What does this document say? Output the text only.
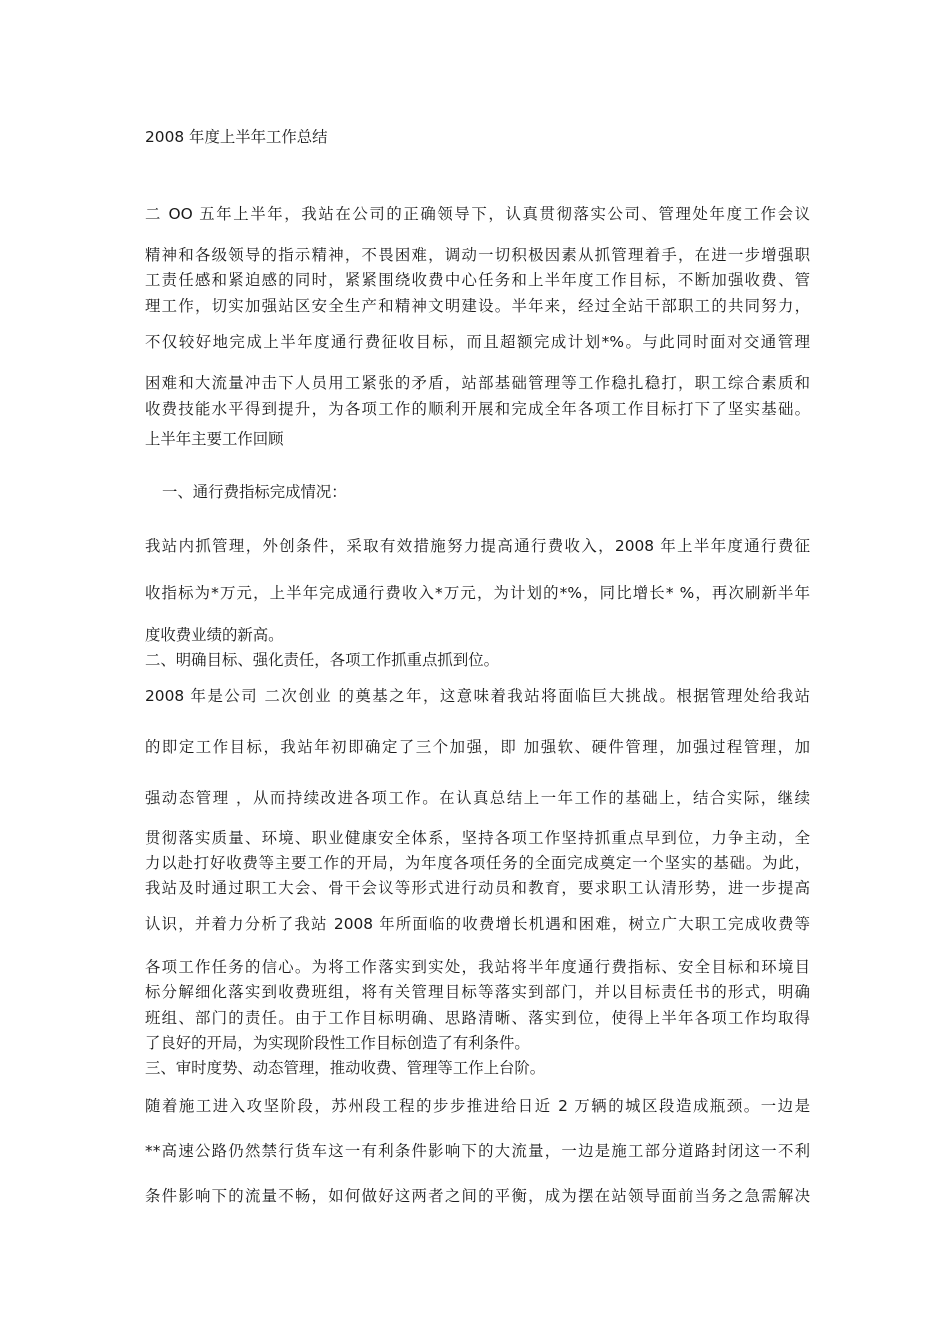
2008 年度上半年工作总结
二 OO 五年上半年，我站在公司的正确领导下，认真贯彻落实公司、管理处年度工作会议
精神和各级领导的指示精神，不畏困难，调动一切积极因素从抓管理着手，在进一步增强职
工责任感和紧迫感的同时，紧紧围绕收费中心任务和上半年度工作目标，不断加强收费、管
理工作，切实加强站区安全生产和精神文明建设。半年来，经过全站干部职工的共同努力，
不仅较好地完成上半年度通行费征收目标，而且超额完成计划*%。与此同时面对交通管理
困难和大流量冲击下人员用工紧张的矛盾，站部基础管理等工作稳扎稳打，职工综合素质和
收费技能水平得到提升，为各项工作的顺利开展和完成全年各项工作目标打下了坚实基础。
上半年主要工作回顾
一、通行费指标完成情况：
我站内抓管理，外创条件，采取有效措施努力提高通行费收入，2008 年上半年度通行费征
收指标为*万元，上半年完成通行费收入*万元，为计划的*%，同比增长* %，再次刷新半年
度收费业绩的新高。
二、明确目标、强化责任，各项工作抓重点抓到位。
2008 年是公司 二次创业 的奠基之年，这意味着我站将面临巨大挑战。根据管理处给我站
的即定工作目标，我站年初即确定了三个加强，即 加强软、硬件管理，加强过程管理，加
强动态管理 ，从而持续改进各项工作。在认真总结上一年工作的基础上，结合实际，继续
贯彻落实质量、环境、职业健康安全体系，坚持各项工作坚持抓重点早到位，力争主动，全
力以赴打好收费等主要工作的开局，为年度各项任务的全面完成奠定一个坚实的基础。为此，
我站及时通过职工大会、骨干会议等形式进行动员和教育，要求职工认清形势，进一步提高
认识，并着力分析了我站 2008 年所面临的收费增长机遇和困难，树立广大职工完成收费等
各项工作任务的信心。为将工作落实到实处，我站将半年度通行费指标、安全目标和环境目
标分解细化落实到收费班组，将有关管理目标等落实到部门，并以目标责任书的形式，明确
班组、部门的责任。由于工作目标明确、思路清晰、落实到位，使得上半年各项工作均取得
了良好的开局，为实现阶段性工作目标创造了有利条件。
三、审时度势、动态管理，推动收费、管理等工作上台阶。
随着施工进入攻坚阶段，苏州段工程的步步推进给日近 2 万辆的城区段造成瓶颈。一边是
**高速公路仍然禁行货车这一有利条件影响下的大流量，一边是施工部分道路封闭这一不利
条件影响下的流量不畅，如何做好这两者之间的平衡，成为摆在站领导面前当务之急需解决
